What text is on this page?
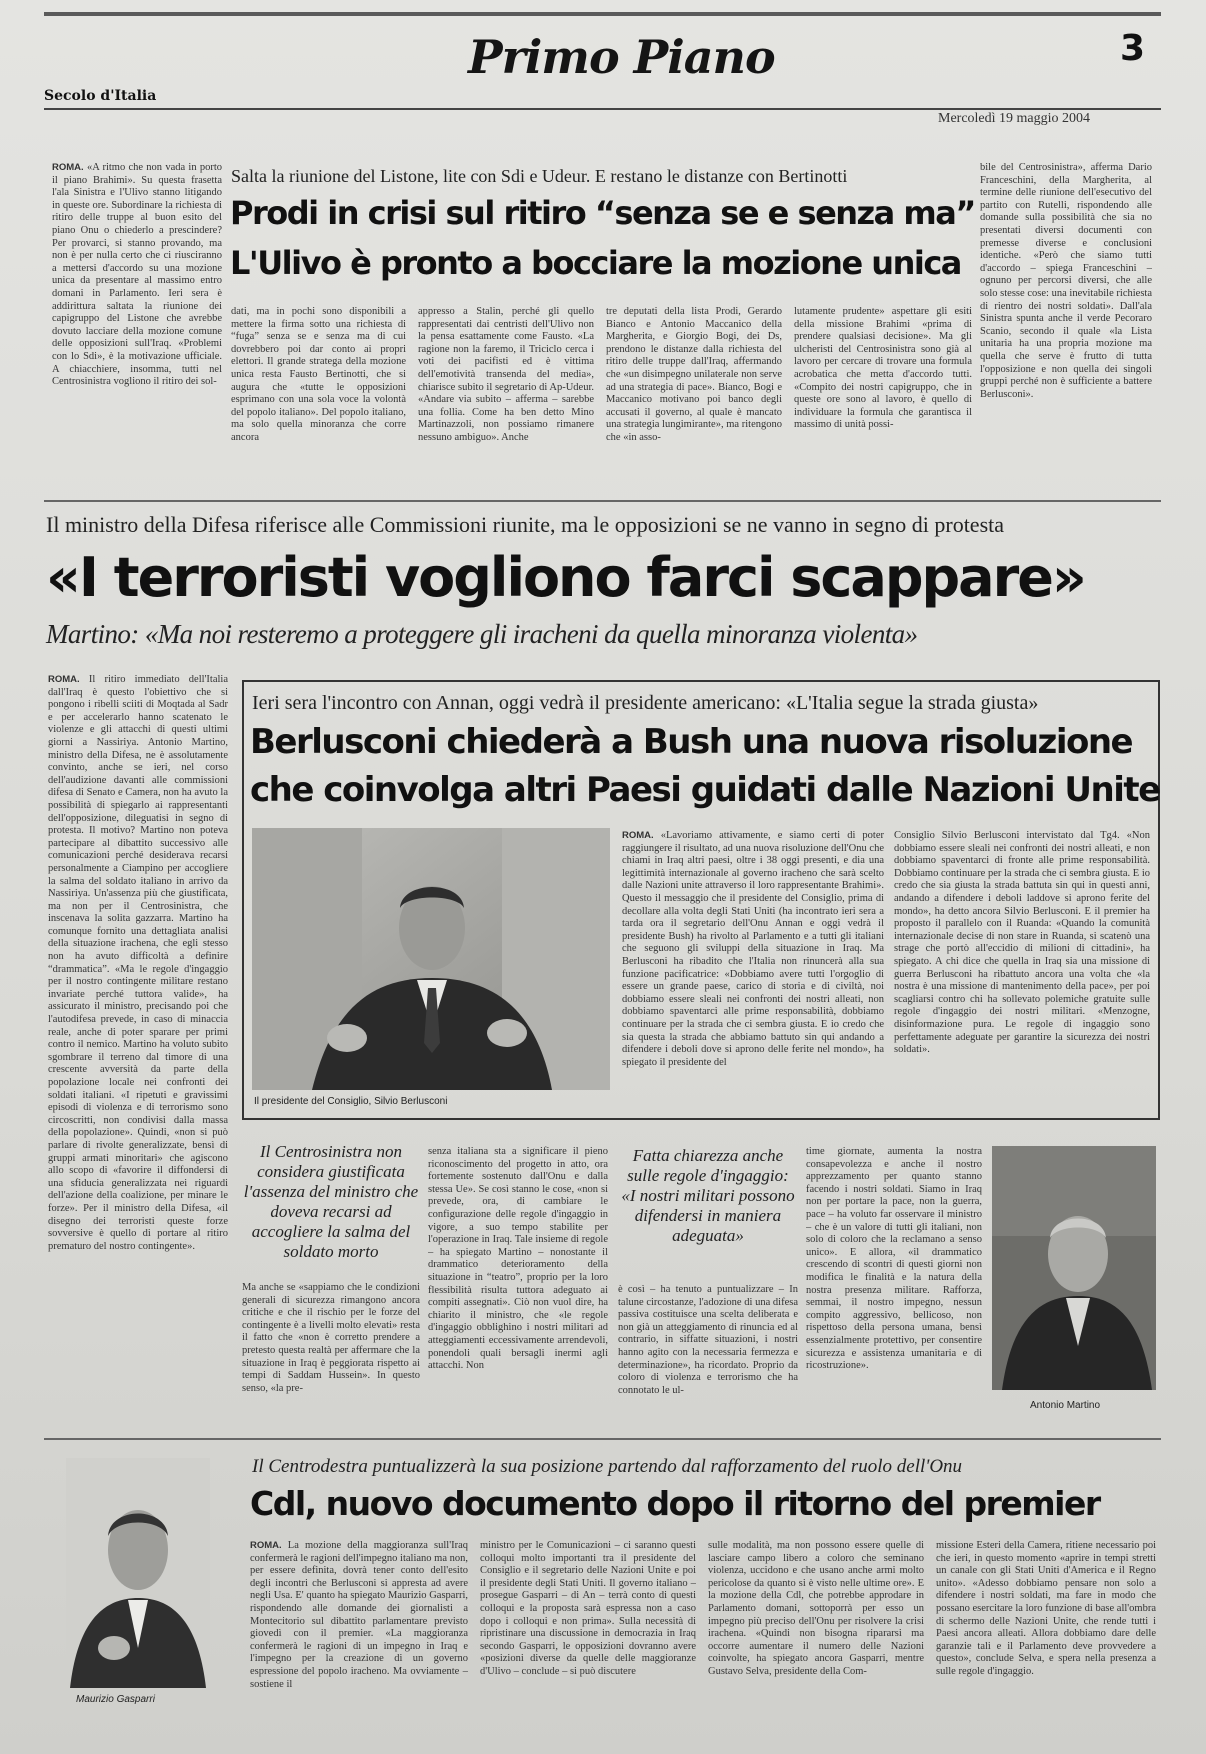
Secolo d'Italia
Primo Piano	3
Mercoledì 19 maggio 2004

ROMA. «A ritmo che non vada in porto il piano Brahimi». Su questa frasetta l'ala Sinistra e l'Ulivo stanno litigando in queste ore. Subordinare la richiesta di ritiro delle truppe al buon esito del piano Onu o chiederlo a prescindere? Per provarci, si stanno provando, ma non è per nulla certo che ci riusciranno a mettersi d'accordo su una mozione unica da presentare al massimo entro domani in Parlamento. Ieri sera è addirittura saltata la riunione dei capigruppo del Listone che avrebbe dovuto lacciare della mozione comune delle opposizioni sull'Iraq. «Problemi con lo Sdi», è la motivazione ufficiale. A chiacchiere, insomma, tutti nel Centrosinistra vogliono il ritiro dei sol-

Salta la riunione del Listone, lite con Sdi e Udeur. E restano le distanze con Bertinotti
Prodi in crisi sul ritiro “senza se e senza ma”
L'Ulivo è pronto a bocciare la mozione unica
dati, ma in pochi sono disponibili a mettere la firma sotto una richiesta di “fuga” senza se e senza ma di cui dovrebbero poi dar conto ai propri elettori. Il grande stratega della mozione unica resta Fausto Bertinotti, che si augura che «tutte le opposizioni esprimano con una sola voce la volontà del popolo italiano». Del popolo italiano, ma solo quella minoranza che corre ancora
appresso a Stalin, perché gli quello rappresentati dai centristi dell'Ulivo non la pensa esattamente come Fausto. «La ragione non la faremo, il Triciclo cerca i voti dei pacifisti ed è vittima dell'emotività transenda del media», chiarisce subito il segretario di Ap-Udeur. «Andare via subito – afferma – sarebbe una follia. Come ha ben detto Mino Martinazzoli, non possiamo rimanere nessuno ambiguo». Anche
tre deputati della lista Prodi, Gerardo Bianco e Antonio Maccanico della Margherita, e Giorgio Bogi, dei Ds, prendono le distanze dalla richiesta del ritiro delle truppe dall'Iraq, affermando che «un disimpegno unilaterale non serve ad una strategia di pace». Bianco, Bogi e Maccanico motivano poi banco degli accusati il governo, al quale è mancato una strategia lungimirante», ma ritengono che «in asso-
lutamente prudente» aspettare gli esiti della missione Brahimi «prima di prendere qualsiasi decisione». Ma gli ulcheristi del Centrosinistra sono già al lavoro per cercare di trovare una formula acrobatica che metta d'accordo tutti. «Compito dei nostri capigruppo, che in queste ore sono al lavoro, è quello di individuare la formula che garantisca il massimo di unità possi-
bile del Centrosinistra», afferma Dario Franceschini, della Margherita, al termine delle riunione dell'esecutivo del partito con Rutelli, rispondendo alle domande sulla possibilità che sia no presentati diversi documenti con premesse diverse e conclusioni identiche. «Però che siamo tutti d'accordo – spiega Franceschini – ognuno per percorsi diversi, che alle solo stesse cose: una inevitabile richiesta di rientro dei nostri soldati». Dall'ala Sinistra spunta anche il verde Pecoraro Scanio, secondo il quale «la Lista unitaria ha una propria mozione ma quella che serve è frutto di tutta l'opposizione e non quella dei singoli gruppi perché non è sufficiente a battere Berlusconi».
Il ministro della Difesa riferisce alle Commissioni riunite, ma le opposizioni se ne vanno in segno di protesta
«I terroristi vogliono farci scappare»
Martino: «Ma noi resteremo a proteggere gli iracheni da quella minoranza violenta»

ROMA. Il ritiro immediato dell'Italia dall'Iraq è questo l'obiettivo che si pongono i ribelli sciiti di Moqtada al Sadr e per accelerarlo hanno scatenato le violenze e gli attacchi di questi ultimi giorni a Nassiriya. Antonio Martino, ministro della Difesa, ne è assolutamente convinto, anche se ieri, nel corso dell'audizione davanti alle commissioni difesa di Senato e Camera, non ha avuto la possibilità di spiegarlo ai rappresentanti dell'opposizione, dileguatisi in segno di protesta. Il motivo? Martino non poteva partecipare al dibattito successivo alle comunicazioni perché desiderava recarsi personalmente a Ciampino per accogliere la salma del soldato italiano in arrivo da Nassiriya. Un'assenza più che giustificata, ma non per il Centrosinistra, che inscenava la solita gazzarra. Martino ha comunque fornito una dettagliata analisi della situazione irachena, che egli stesso non ha avuto difficoltà a definire “drammatica”. «Ma le regole d'ingaggio per il nostro contingente militare restano invariate perché tuttora valide», ha assicurato il ministro, precisando poi che l'autodifesa prevede, in caso di minaccia reale, anche di poter sparare per primi contro il nemico. Martino ha voluto subito sgombrare il terreno dal timore di una crescente avversità da parte della popolazione locale nei confronti dei soldati italiani. «I ripetuti e gravissimi episodi di violenza e di terrorismo sono circoscritti, non condivisi dalla massa della popolazione». Quindi, «non si può parlare di rivolte generalizzate, bensì di gruppi armati minoritari» che agiscono allo scopo di «favorire il diffondersi di una sfiducia generalizzata nei riguardi dell'azione della coalizione, per minare le forze». Per il ministro della Difesa, «il disegno dei terroristi queste forze sovversive è quello di portare al ritiro prematuro del nostro contingente».

Ieri sera l'incontro con Annan, oggi vedrà il presidente americano: «L'Italia segue la strada giusta»
Berlusconi chiederà a Bush una nuova risoluzione
che coinvolga altri Paesi guidati dalle Nazioni Unite
Il presidente del Consiglio, Silvio Berlusconi

ROMA. «Lavoriamo attivamente, e siamo certi di poter raggiungere il risultato, ad una nuova risoluzione dell'Onu che chiami in Iraq altri paesi, oltre i 38 oggi presenti, e dia una legittimità internazionale al governo iracheno che sarà scelto dalle Nazioni unite attraverso il loro rappresentante Brahimi». Questo il messaggio che il presidente del Consiglio, prima di decollare alla volta degli Stati Uniti (ha incontrato ieri sera a tarda ora il segretario dell'Onu Annan e oggi vedrà il presidente Bush) ha rivolto al Parlamento e a tutti gli italiani che seguono gli sviluppi della situazione in Iraq. Ma Berlusconi ha ribadito che l'Italia non rinuncerà alla sua funzione pacificatrice: «Dobbiamo avere tutti l'orgoglio di essere un grande paese, carico di storia e di civiltà, noi dobbiamo essere sleali nei confronti dei nostri alleati, non dobbiamo spaventarci alle prime responsabilità, dobbiamo continuare per la strada che ci sembra giusta. E io credo che sia questa la strada che abbiamo battuto sin qui andando a difendere i deboli dove si aprono delle ferite nel mondo», ha spiegato il presidente del

Consiglio Silvio Berlusconi intervistato dal Tg4. «Non dobbiamo essere sleali nei confronti dei nostri alleati, e non dobbiamo spaventarci di fronte alle prime responsabilità. Dobbiamo continuare per la strada che ci sembra giusta. E io credo che sia giusta la strada battuta sin qui in questi anni, andando a difendere i deboli laddove si aprono ferite del mondo», ha detto ancora Silvio Berlusconi. E il premier ha proposto il parallelo con il Ruanda: «Quando la comunità internazionale decise di non stare in Ruanda, si scatenò una strage che portò all'eccidio di milioni di cittadini», ha spiegato. A chi dice che quella in Iraq sia una missione di guerra Berlusconi ha ribattuto ancora una volta che «la nostra è una missione di mantenimento della pace», per poi scagliarsi contro chi ha sollevato polemiche gratuite sulle regole d'ingaggio dei nostri militari. «Menzogne, disinformazione pura. Le regole di ingaggio sono perfettamente adeguate per garantire la sicurezza dei nostri soldati».
Il Centrosinistra non considera giustificata l'assenza del ministro che doveva recarsi ad accogliere la salma del soldato morto
Ma anche se «sappiamo che le condizioni generali di sicurezza rimangono ancora critiche e che il rischio per le forze del contingente è a livelli molto elevati» resta il fatto che «non è corretto prendere a pretesto questa realtà per affermare che la situazione in Iraq è peggiorata rispetto ai tempi di Saddam Hussein». In questo senso, «la pre-
senza italiana sta a significare il pieno riconoscimento del progetto in atto, ora fortemente sostenuto dall'Onu e dalla stessa Ue». Se così stanno le cose, «non si prevede, ora, di cambiare le configurazione delle regole d'ingaggio in vigore, a suo tempo stabilite per l'operazione in Iraq. Tale insieme di regole – ha spiegato Martino – nonostante il drammatico deterioramento della situazione in “teatro”, proprio per la loro flessibilità risulta tuttora adeguato ai compiti assegnati». Ciò non vuol dire, ha chiarito il ministro, che «le regole d'ingaggio obblighino i nostri militari ad atteggiamenti eccessivamente arrendevoli, ponendoli quali bersagli inermi agli attacchi. Non
Fatta chiarezza anche sulle regole d'ingaggio: «I nostri militari possono difendersi in maniera adeguata»
è così – ha tenuto a puntualizzare – In talune circostanze, l'adozione di una difesa passiva costituisce una scelta deliberata e non già un atteggiamento di rinuncia ed al contrario, in siffatte situazioni, i nostri hanno agito con la necessaria fermezza e determinazione», ha ricordato. Proprio da coloro di violenza e terrorismo che ha connotato le ul-
time giornate, aumenta la nostra consapevolezza e anche il nostro apprezzamento per quanto stanno facendo i nostri soldati. Siamo in Iraq non per portare la pace, non la guerra, pace – ha voluto far osservare il ministro – che è un valore di tutti gli italiani, non solo di coloro che la reclamano a senso unico». E allora, «il drammatico crescendo di scontri di questi giorni non modifica le finalità e la natura della nostra presenza militare. Rafforza, semmai, il nostro impegno, nessun compito aggressivo, bellicoso, non rispettoso della persona umana, bensì essenzialmente protettivo, per consentire sicurezza e assistenza umanitaria e di ricostruzione».
Antonio Martino
Maurizio Gasparri
Il Centrodestra puntualizzerà la sua posizione partendo dal rafforzamento del ruolo dell'Onu
Cdl, nuovo documento dopo il ritorno del premier

ROMA. La mozione della maggioranza sull'Iraq confermerà le ragioni dell'impegno italiano ma non, per essere definita, dovrà tener conto dell'esito degli incontri che Berlusconi si appresta ad avere negli Usa. E' quanto ha spiegato Maurizio Gasparri, rispondendo alle domande dei giornalisti a Montecitorio sul dibattito parlamentare previsto giovedì con il premier. «La maggioranza confermerà le ragioni di un impegno in Iraq e l'impegno per la creazione di un governo espressione del popolo iracheno. Ma ovviamente – sostiene il

ministro per le Comunicazioni – ci saranno questi colloqui molto importanti tra il presidente del Consiglio e il segretario delle Nazioni Unite e poi il presidente degli Stati Uniti. Il governo italiano – prosegue Gasparri – di An – terrà conto di questi colloqui e la proposta sarà espressa non a caso dopo i colloqui e non prima». Sulla necessità di ripristinare una discussione in democrazia in Iraq secondo Gasparri, le opposizioni dovranno avere «posizioni diverse da quelle delle maggioranze d'Ulivo – conclude – si può discutere
sulle modalità, ma non possono essere quelle di lasciare campo libero a coloro che seminano violenza, uccidono e che usano anche armi molto pericolose da quanto si è visto nelle ultime ore». E la mozione della Cdl, che potrebbe approdare in Parlamento domani, sottoporrà per esso un impegno più preciso dell'Onu per risolvere la crisi irachena. «Quindi non bisogna ripararsi ma occorre aumentare il numero delle Nazioni coinvolte, ha spiegato ancora Gasparri, mentre Gustavo Selva, presidente della Com-
missione Esteri della Camera, ritiene necessario poi che ieri, in questo momento «aprire in tempi stretti un canale con gli Stati Uniti d'America e il Regno unito». «Adesso dobbiamo pensare non solo a difendere i nostri soldati, ma fare in modo che possano esercitare la loro funzione di base all'ombra di schermo delle Nazioni Unite, che rende tutti i Paesi ancora alleati. Allora dobbiamo dare delle garanzie tali e il Parlamento deve provvedere a questo», conclude Selva, e spera nella presenza a sulle regole d'ingaggio.
